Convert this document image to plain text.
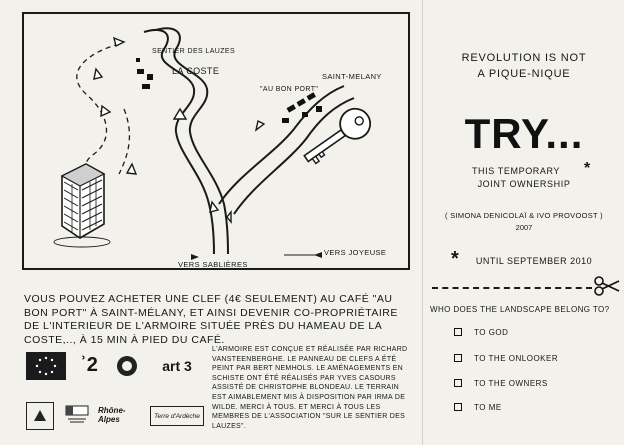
SENTIER DES LAUZES
LA COSTE
SAINT-MELANY
"AU BON PORT"
VERS SABLIÈRES
VERS JOYEUSE
VOUS POUVEZ ACHETER UNE CLEF (4€ SEULEMENT) AU CAFÉ "AU BON PORT" À SAINT-MÉLANY, ET AINSI DEVENIR CO-PROPRIÉTAIRE DE L'INTERIEUR DE L'ARMOIRE SITUÉE PRÈS DU HAMEAU DE LA COSTE,.., À 15 MIN À PIED DU CAFÉ.
ʾ2	art 3
Rhône-Alpes	Terre d'Ardèche
L'ARMOIRE EST CONÇUE ET RÉALISÉE PAR RICHARD VANSTEENBERGHE. LE PANNEAU DE CLEFS A ÉTÉ PEINT PAR BERT NEMHOLS. LE AMÉNAGEMENTS EN SCHISTE ONT ÉTÉ RÉALISÉS PAR YVES CASOURS ASSISTÉ DE CHRISTOPHE BLONDEAU. LE TERRAIN EST AIMABLEMENT MIS À DISPOSITION PAR IRMA DE WILDE. MERCI À TOUS. ET MERCI À TOUS LES MEMBRES DE L'ASSOCIATION "SUR LE SENTIER DES LAUZES".
REVOLUTION IS NOT
A PIQUE-NIQUE
TRY...
THIS TEMPORARY	*
JOINT OWNERSHIP
( SIMONA DENICOLAÏ & IVO PROVOOST )
2007
*	UNTIL SEPTEMBER 2010
WHO DOES THE LANDSCAPE BELONG TO?
TO GOD
TO THE ONLOOKER
TO THE OWNERS
TO ME
